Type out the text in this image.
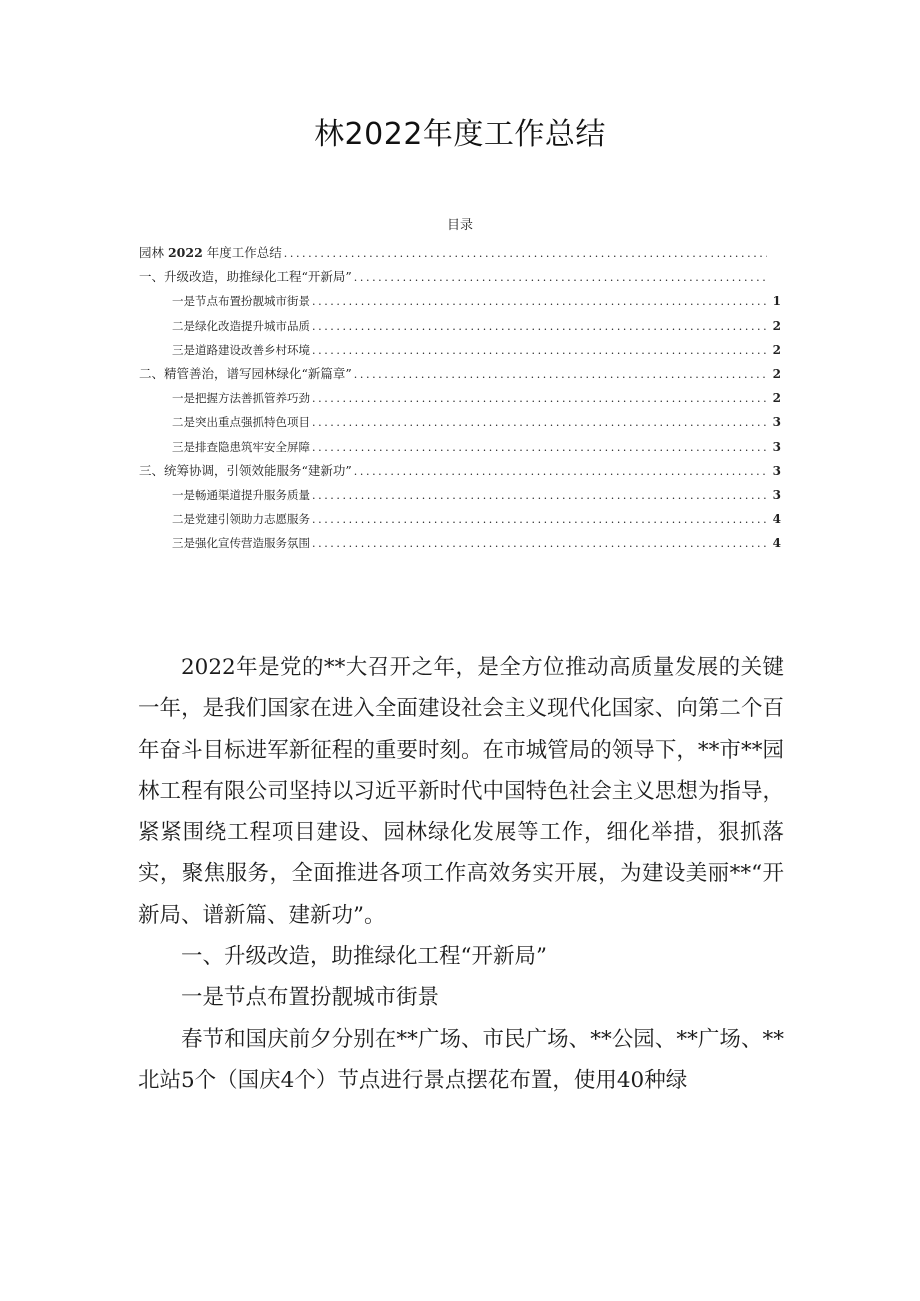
林2022年度工作总结
目录
园林 2022 年度工作总结
.....
一、升级改造，助推绿化工程“开新局”
.....
一是节点布置扮靓城市街景 .....	1
二是绿化改造提升城市品质 .....	2
三是道路建设改善乡村环境 .....	2
二、精管善治，谱写园林绿化“新篇章” .....	2
一是把握方法善抓管养巧劲 .....	2
二是突出重点强抓特色项目 .....	3
三是排查隐患筑牢安全屏障 .....	3
三、统筹协调，引领效能服务“建新功” .....	3
一是畅通渠道提升服务质量 .....	3
二是党建引领助力志愿服务 .....	4
三是强化宣传营造服务氛围 .....	4

2022年是党的**大召开之年，是全方位推动高质量发展的关键一年，是我们国家在进入全面建设社会主义现代化国家、向第二个百年奋斗目标进军新征程的重要时刻。在市城管局的领导下，**市**园林工程有限公司坚持以习近平新时代中国特色社会主义思想为指导，紧紧围绕工程项目建设、园林绿化发展等工作，细化举措，狠抓落实，聚焦服务，全面推进各项工作高效务实开展，为建设美丽**“开新局、谱新篇、建新功”。

一、升级改造，助推绿化工程“开新局”

一是节点布置扮靓城市街景

春节和国庆前夕分别在**广场、市民广场、**公园、**广场、**北站5个（国庆4个）节点进行景点摆花布置，使用40种绿
